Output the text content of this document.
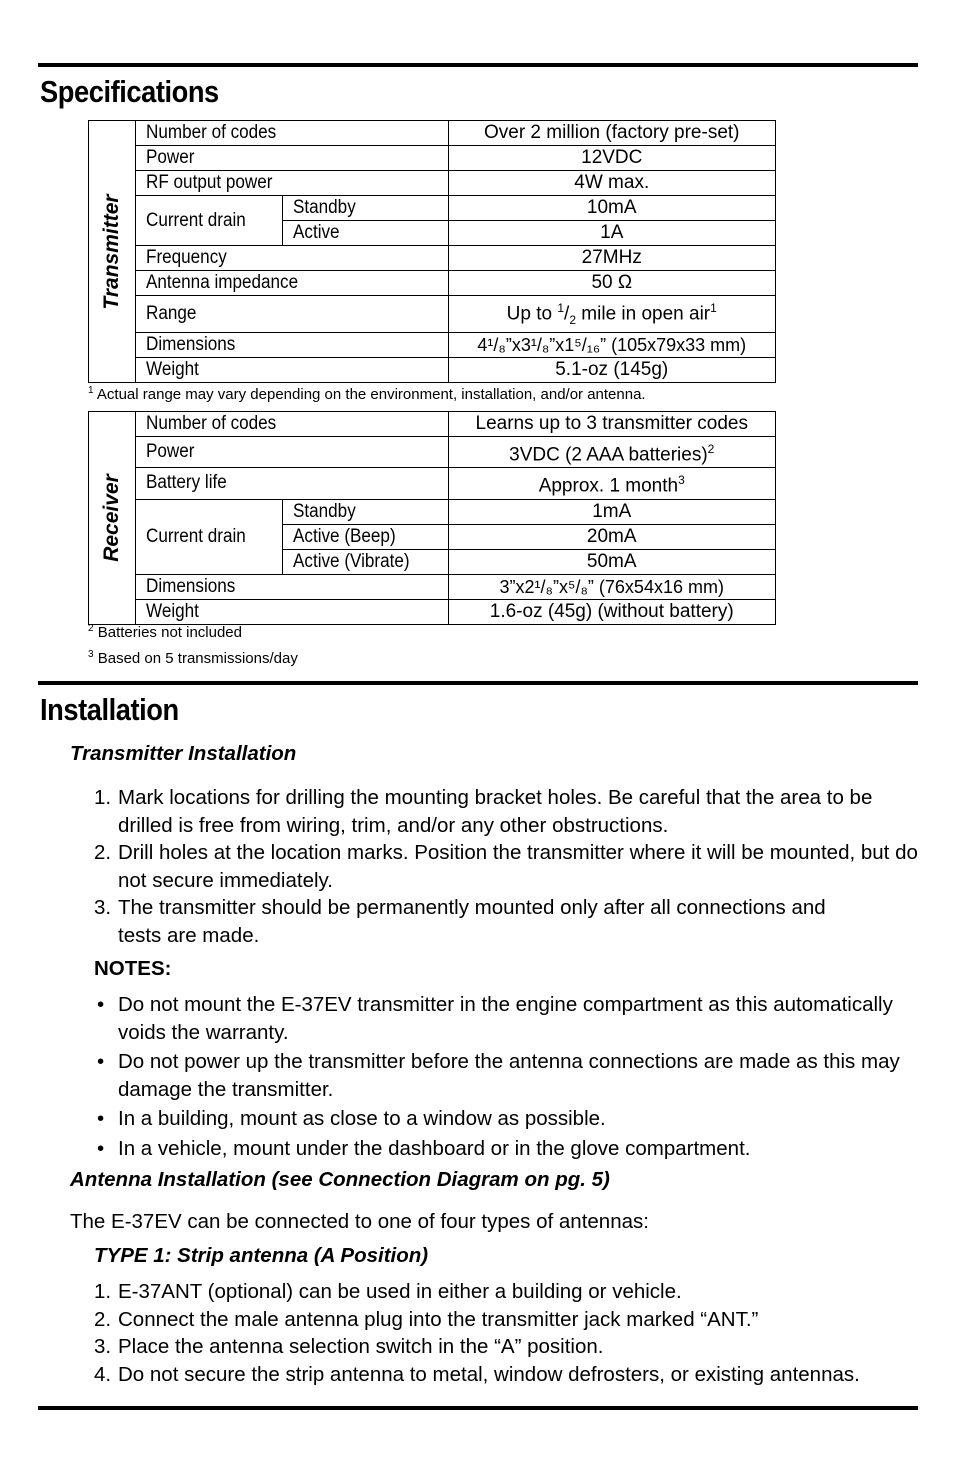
Specifications
Transmitter	Number of codes		Over 2 million (factory pre-set)
	Power		12VDC
	RF output power		4W max.
	Current drain	Standby	10mA
		Active	1A
	Frequency		27MHz
	Antenna impedance		50 Ω
	Range		Up to $^1/_2$ mile in open air$^1$
	Dimensions		4¹/₈”x3¹/₈”x1⁵/₁₆” (105x79x33 mm)
	Weight		5.1-oz (145g)
$^1$ Actual range may vary depending on the environment, installation, and/or antenna.
Receiver	Number of codes		Learns up to 3 transmitter codes
	Power		3VDC (2 AAA batteries)$^2$
	Battery life		Approx. 1 month$^3$
	Current drain	Standby	1mA
		Active (Beep)	20mA
		Active (Vibrate)	50mA
	Dimensions		3”x2¹/₈”x⁵/₈” (76x54x16 mm)
	Weight		1.6-oz (45g) (without battery)
$^2$ Batteries not included
$^3$ Based on 5 transmissions/day
Installation
Transmitter Installation
1. Mark locations for drilling the mounting bracket holes. Be careful that the area to be drilled is free from wiring, trim, and/or any other obstructions.
2. Drill holes at the location marks. Position the transmitter where it will be mounted, but do not secure immediately.
3. The transmitter should be permanently mounted only after all connections and tests are made.
NOTES:
• Do not mount the E-37EV transmitter in the engine compartment as this automatically voids the warranty.
• Do not power up the transmitter before the antenna connections are made as this may damage the transmitter.
• In a building, mount as close to a window as possible.
• In a vehicle, mount under the dashboard or in the glove compartment.
Antenna Installation (see Connection Diagram on pg. 5)
The E-37EV can be connected to one of four types of antennas:
TYPE 1: Strip antenna (A Position)
1. E-37ANT (optional) can be used in either a building or vehicle.
2. Connect the male antenna plug into the transmitter jack marked “ANT.”
3. Place the antenna selection switch in the “A” position.
4. Do not secure the strip antenna to metal, window defrosters, or existing antennas.
